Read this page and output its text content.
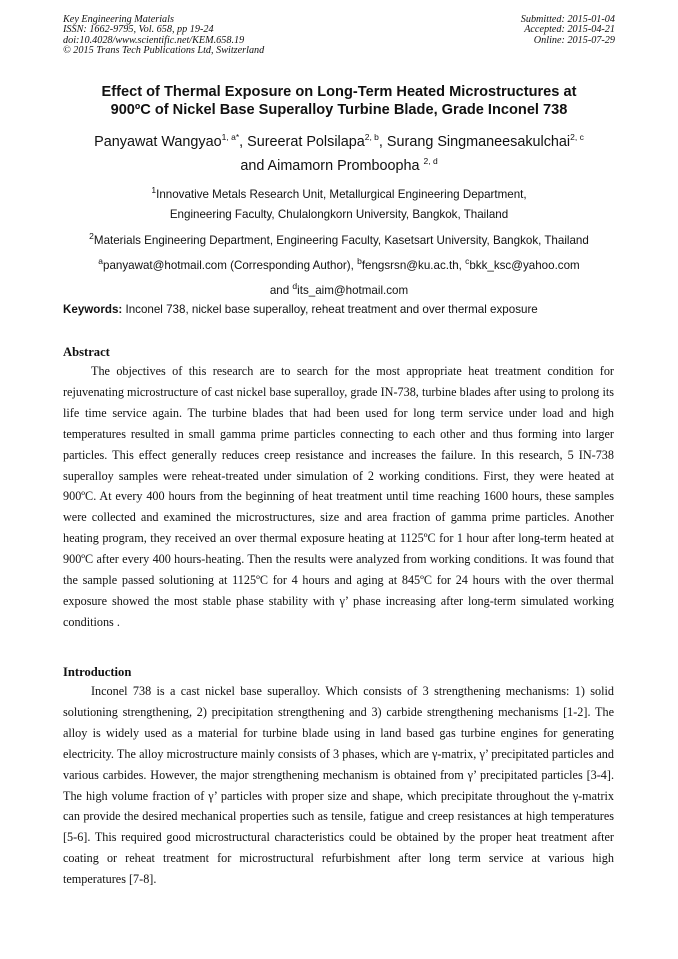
Key Engineering Materials
ISSN: 1662-9795, Vol. 658, pp 19-24
doi:10.4028/www.scientific.net/KEM.658.19
© 2015 Trans Tech Publications Ltd, Switzerland
Submitted: 2015-01-04
Accepted: 2015-04-21
Online: 2015-07-29
Effect of Thermal Exposure on Long-Term Heated Microstructures at
900ºC of Nickel Base Superalloy Turbine Blade, Grade Inconel 738
Panyawat Wangyao$^{1, a*}$, Sureerat Polsilapa$^{2, b}$, Surang Singmaneesakulchai$^{2, c}$
and Aimamorn Promboopha $^{2, d}$
$^1$Innovative Metals Research Unit, Metallurgical Engineering Department,
Engineering Faculty, Chulalongkorn University, Bangkok, Thailand
$^2$Materials Engineering Department, Engineering Faculty, Kasetsart University, Bangkok, Thailand
$^a$panyawat@hotmail.com (Corresponding Author), $^b$fengsrsn@ku.ac.th, $^c$bkk_ksc@yahoo.com
and $^d$its_aim@hotmail.com
Keywords: Inconel 738, nickel base superalloy, reheat treatment and over thermal exposure
Abstract
The objectives of this research are to search for the most appropriate heat treatment condition for rejuvenating microstructure of cast nickel base superalloy, grade IN-738, turbine blades after using to prolong its life time service again. The turbine blades that had been used for long term service under load and high temperatures resulted in small gamma prime particles connecting to each other and thus forming into larger particles. This effect generally reduces creep resistance and increases the failure. In this research, 5 IN-738 superalloy samples were reheat-treated under simulation of 2 working conditions. First, they were heated at 900ºC. At every 400 hours from the beginning of heat treatment until time reaching 1600 hours, these samples were collected and examined the microstructures, size and area fraction of gamma prime particles. Another heating program, they received an over thermal exposure heating at 1125ºC for 1 hour after long-term heated at 900ºC after every 400 hours-heating. Then the results were analyzed from working conditions. It was found that the sample passed solutioning at 1125ºC for 4 hours and aging at 845ºC for 24 hours with the over thermal exposure showed the most stable phase stability with γ’ phase increasing after long-term simulated working conditions .
Introduction
Inconel 738 is a cast nickel base superalloy. Which consists of 3 strengthening mechanisms: 1) solid solutioning strengthening, 2) precipitation strengthening and 3) carbide strengthening mechanisms [1-2]. The alloy is widely used as a material for turbine blade using in land based gas turbine engines for generating electricity. The alloy microstructure mainly consists of 3 phases, which are γ-matrix, γ’ precipitated particles and various carbides. However, the major strengthening mechanism is obtained from γ’ precipitated particles [3-4]. The high volume fraction of γ’ particles with proper size and shape, which precipitate throughout the γ-matrix can provide the desired mechanical properties such as tensile, fatigue and creep resistances at high temperatures [5-6]. This required good microstructural characteristics could be obtained by the proper heat treatment after coating or reheat treatment for microstructural refurbishment after long term service at various high temperatures [7-8].
